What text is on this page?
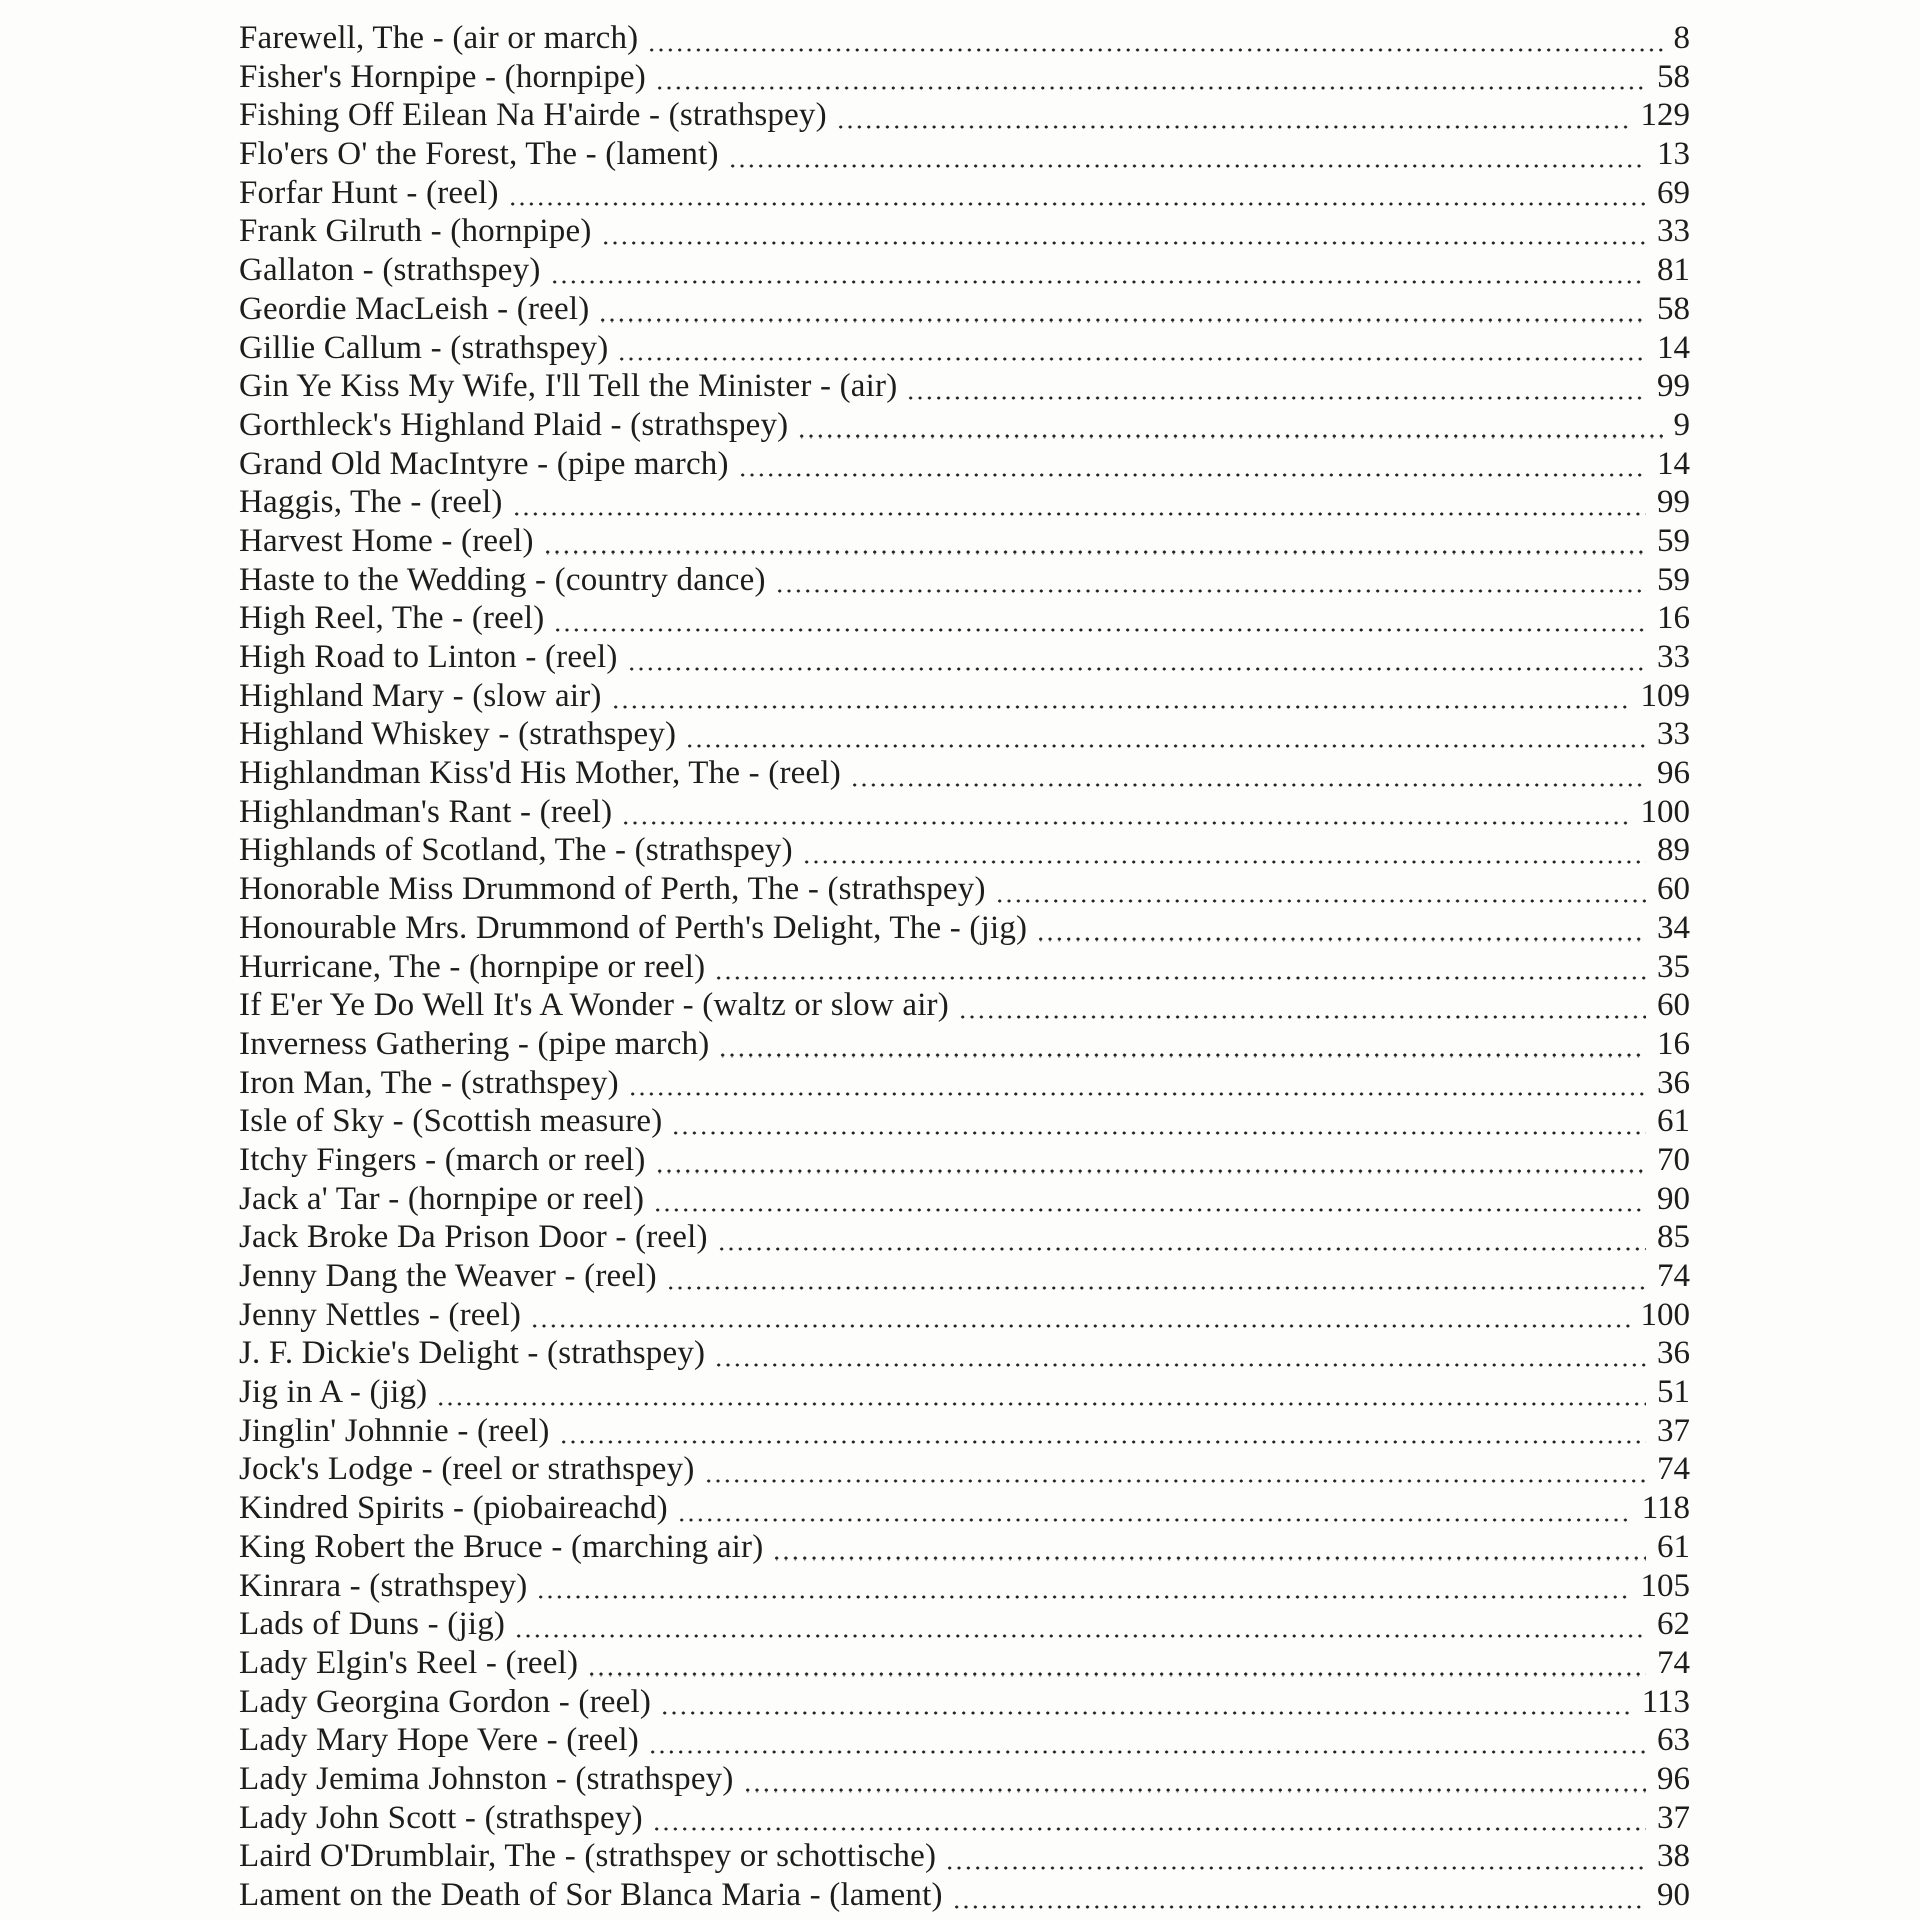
Farewell, The - (air or march)	8
Fisher's Hornpipe - (hornpipe)	58
Fishing Off Eilean Na H'airde - (strathspey)	129
Flo'ers O' the Forest, The - (lament)	13
Forfar Hunt - (reel)	69
Frank Gilruth - (hornpipe)	33
Gallaton - (strathspey)	81
Geordie MacLeish - (reel)	58
Gillie Callum - (strathspey)	14
Gin Ye Kiss My Wife, I'll Tell the Minister - (air)	99
Gorthleck's Highland Plaid - (strathspey)	9
Grand Old MacIntyre - (pipe march)	14
Haggis, The - (reel)	99
Harvest Home - (reel)	59
Haste to the Wedding - (country dance)	59
High Reel, The - (reel)	16
High Road to Linton - (reel)	33
Highland Mary - (slow air)	109
Highland Whiskey - (strathspey)	33
Highlandman Kiss'd His Mother, The - (reel)	96
Highlandman's Rant - (reel)	100
Highlands of Scotland, The - (strathspey)	89
Honorable Miss Drummond of Perth, The - (strathspey)	60
Honourable Mrs. Drummond of Perth's Delight, The - (jig)	34
Hurricane, The - (hornpipe or reel)	35
If E'er Ye Do Well It's A Wonder - (waltz or slow air)	60
Inverness Gathering - (pipe march)	16
Iron Man, The - (strathspey)	36
Isle of Sky - (Scottish measure)	61
Itchy Fingers - (march or reel)	70
Jack a' Tar - (hornpipe or reel)	90
Jack Broke Da Prison Door - (reel)	85
Jenny Dang the Weaver - (reel)	74
Jenny Nettles - (reel)	100
J. F. Dickie's Delight - (strathspey)	36
Jig in A - (jig)	51
Jinglin' Johnnie - (reel)	37
Jock's Lodge - (reel or strathspey)	74
Kindred Spirits - (piobaireachd)	118
King Robert the Bruce - (marching air)	61
Kinrara - (strathspey)	105
Lads of Duns - (jig)	62
Lady Elgin's Reel - (reel)	74
Lady Georgina Gordon - (reel)	113
Lady Mary Hope Vere - (reel)	63
Lady Jemima Johnston - (strathspey)	96
Lady John Scott - (strathspey)	37
Laird O'Drumblair, The - (strathspey or schottische)	38
Lament on the Death of Sor Blanca Maria - (lament)	90
